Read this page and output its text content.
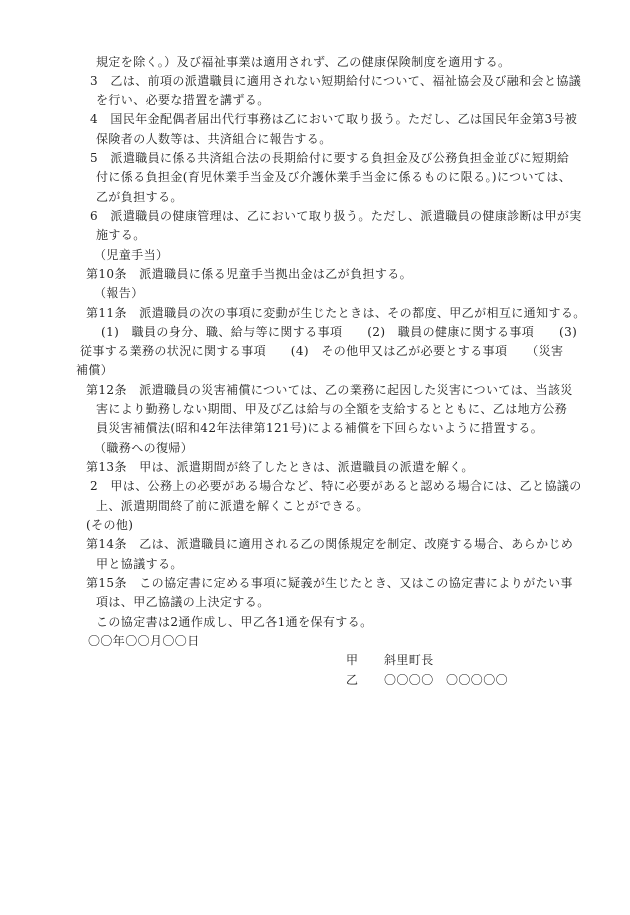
規定を除く。）及び福祉事業は適用されず、乙の健康保険制度を適用する。
3　乙は、前項の派遣職員に適用されない短期給付について、福祉協会及び融和会と協議
を行い、必要な措置を講ずる。
4　国民年金配偶者届出代行事務は乙において取り扱う。ただし、乙は国民年金第3号被
保険者の人数等は、共済組合に報告する。
5　派遣職員に係る共済組合法の長期給付に要する負担金及び公務負担金並びに短期給
付に係る負担金(育児休業手当金及び介護休業手当金に係るものに限る。)については、
乙が負担する。
6　派遣職員の健康管理は、乙において取り扱う。ただし、派遣職員の健康診断は甲が実
施する。
（児童手当）
第10条　派遣職員に係る児童手当拠出金は乙が負担する。
（報告）
第11条　派遣職員の次の事項に変動が生じたときは、その都度、甲乙が相互に通知する。
(1)　職員の身分、職、給与等に関する事項　　(2)　職員の健康に関する事項　　(3)
従事する業務の状況に関する事項　　(4)　その他甲又は乙が必要とする事項　　（災害
補償）
第12条　派遣職員の災害補償については、乙の業務に起因した災害については、当該災
害により勤務しない期間、甲及び乙は給与の全額を支給するとともに、乙は地方公務
員災害補償法(昭和42年法律第121号)による補償を下回らないように措置する。
（職務への復帰）
第13条　甲は、派遣期間が終了したときは、派遣職員の派遣を解く。
2　甲は、公務上の必要がある場合など、特に必要があると認める場合には、乙と協議の
上、派遣期間終了前に派遣を解くことができる。
(その他)
第14条　乙は、派遣職員に適用される乙の関係規定を制定、改廃する場合、あらかじめ
甲と協議する。
第15条　この協定書に定める事項に疑義が生じたとき、又はこの協定書によりがたい事
項は、甲乙協議の上決定する。
この協定書は2通作成し、甲乙各1通を保有する。
〇〇年〇〇月〇〇日
甲 斜里町長
乙 〇〇〇〇　〇〇〇〇〇
